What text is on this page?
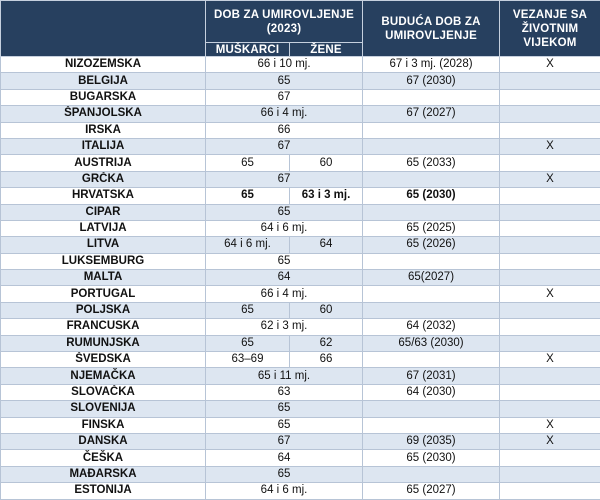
	DOB ZA UMIROVLJENJE (2023)		BUDUĆA DOB ZA UMIROVLJENJE	VEZANJE SA ŽIVOTNIM VIJEKOM
	MUŠKARCI	ŽENE		
NIZOZEMSKA	66 i 10 mj.		67 i 3 mj. (2028)	X
BELGIJA	65		67 (2030)	
BUGARSKA	67			
ŠPANJOLSKA	66 i 4 mj.		67 (2027)	
IRSKA	66			
ITALIJA	67			X
AUSTRIJA	65	60	65 (2033)	
GRČKA	67			X
HRVATSKA	65	63 i 3 mj.	65 (2030)	
CIPAR	65			
LATVIJA	64 i 6 mj.		65 (2025)	
LITVA	64 i 6 mj.	64	65 (2026)	
LUKSEMBURG	65			
MALTA	64		65(2027)	
PORTUGAL	66 i 4 mj.			X
POLJSKA	65	60		
FRANCUSKA	62 i 3 mj.		64 (2032)	
RUMUNJSKA	65	62	65/63 (2030)	
ŠVEDSKA	63–69	66		X
NJEMAČKA	65 i 11 mj.		67 (2031)	
SLOVAČKA	63		64 (2030)	
SLOVENIJA	65			
FINSKA	65			X
DANSKA	67		69 (2035)	X
ČEŠKA	64		65 (2030)	
MAĐARSKA	65			
ESTONIJA	64 i 6 mj.		65 (2027)	
